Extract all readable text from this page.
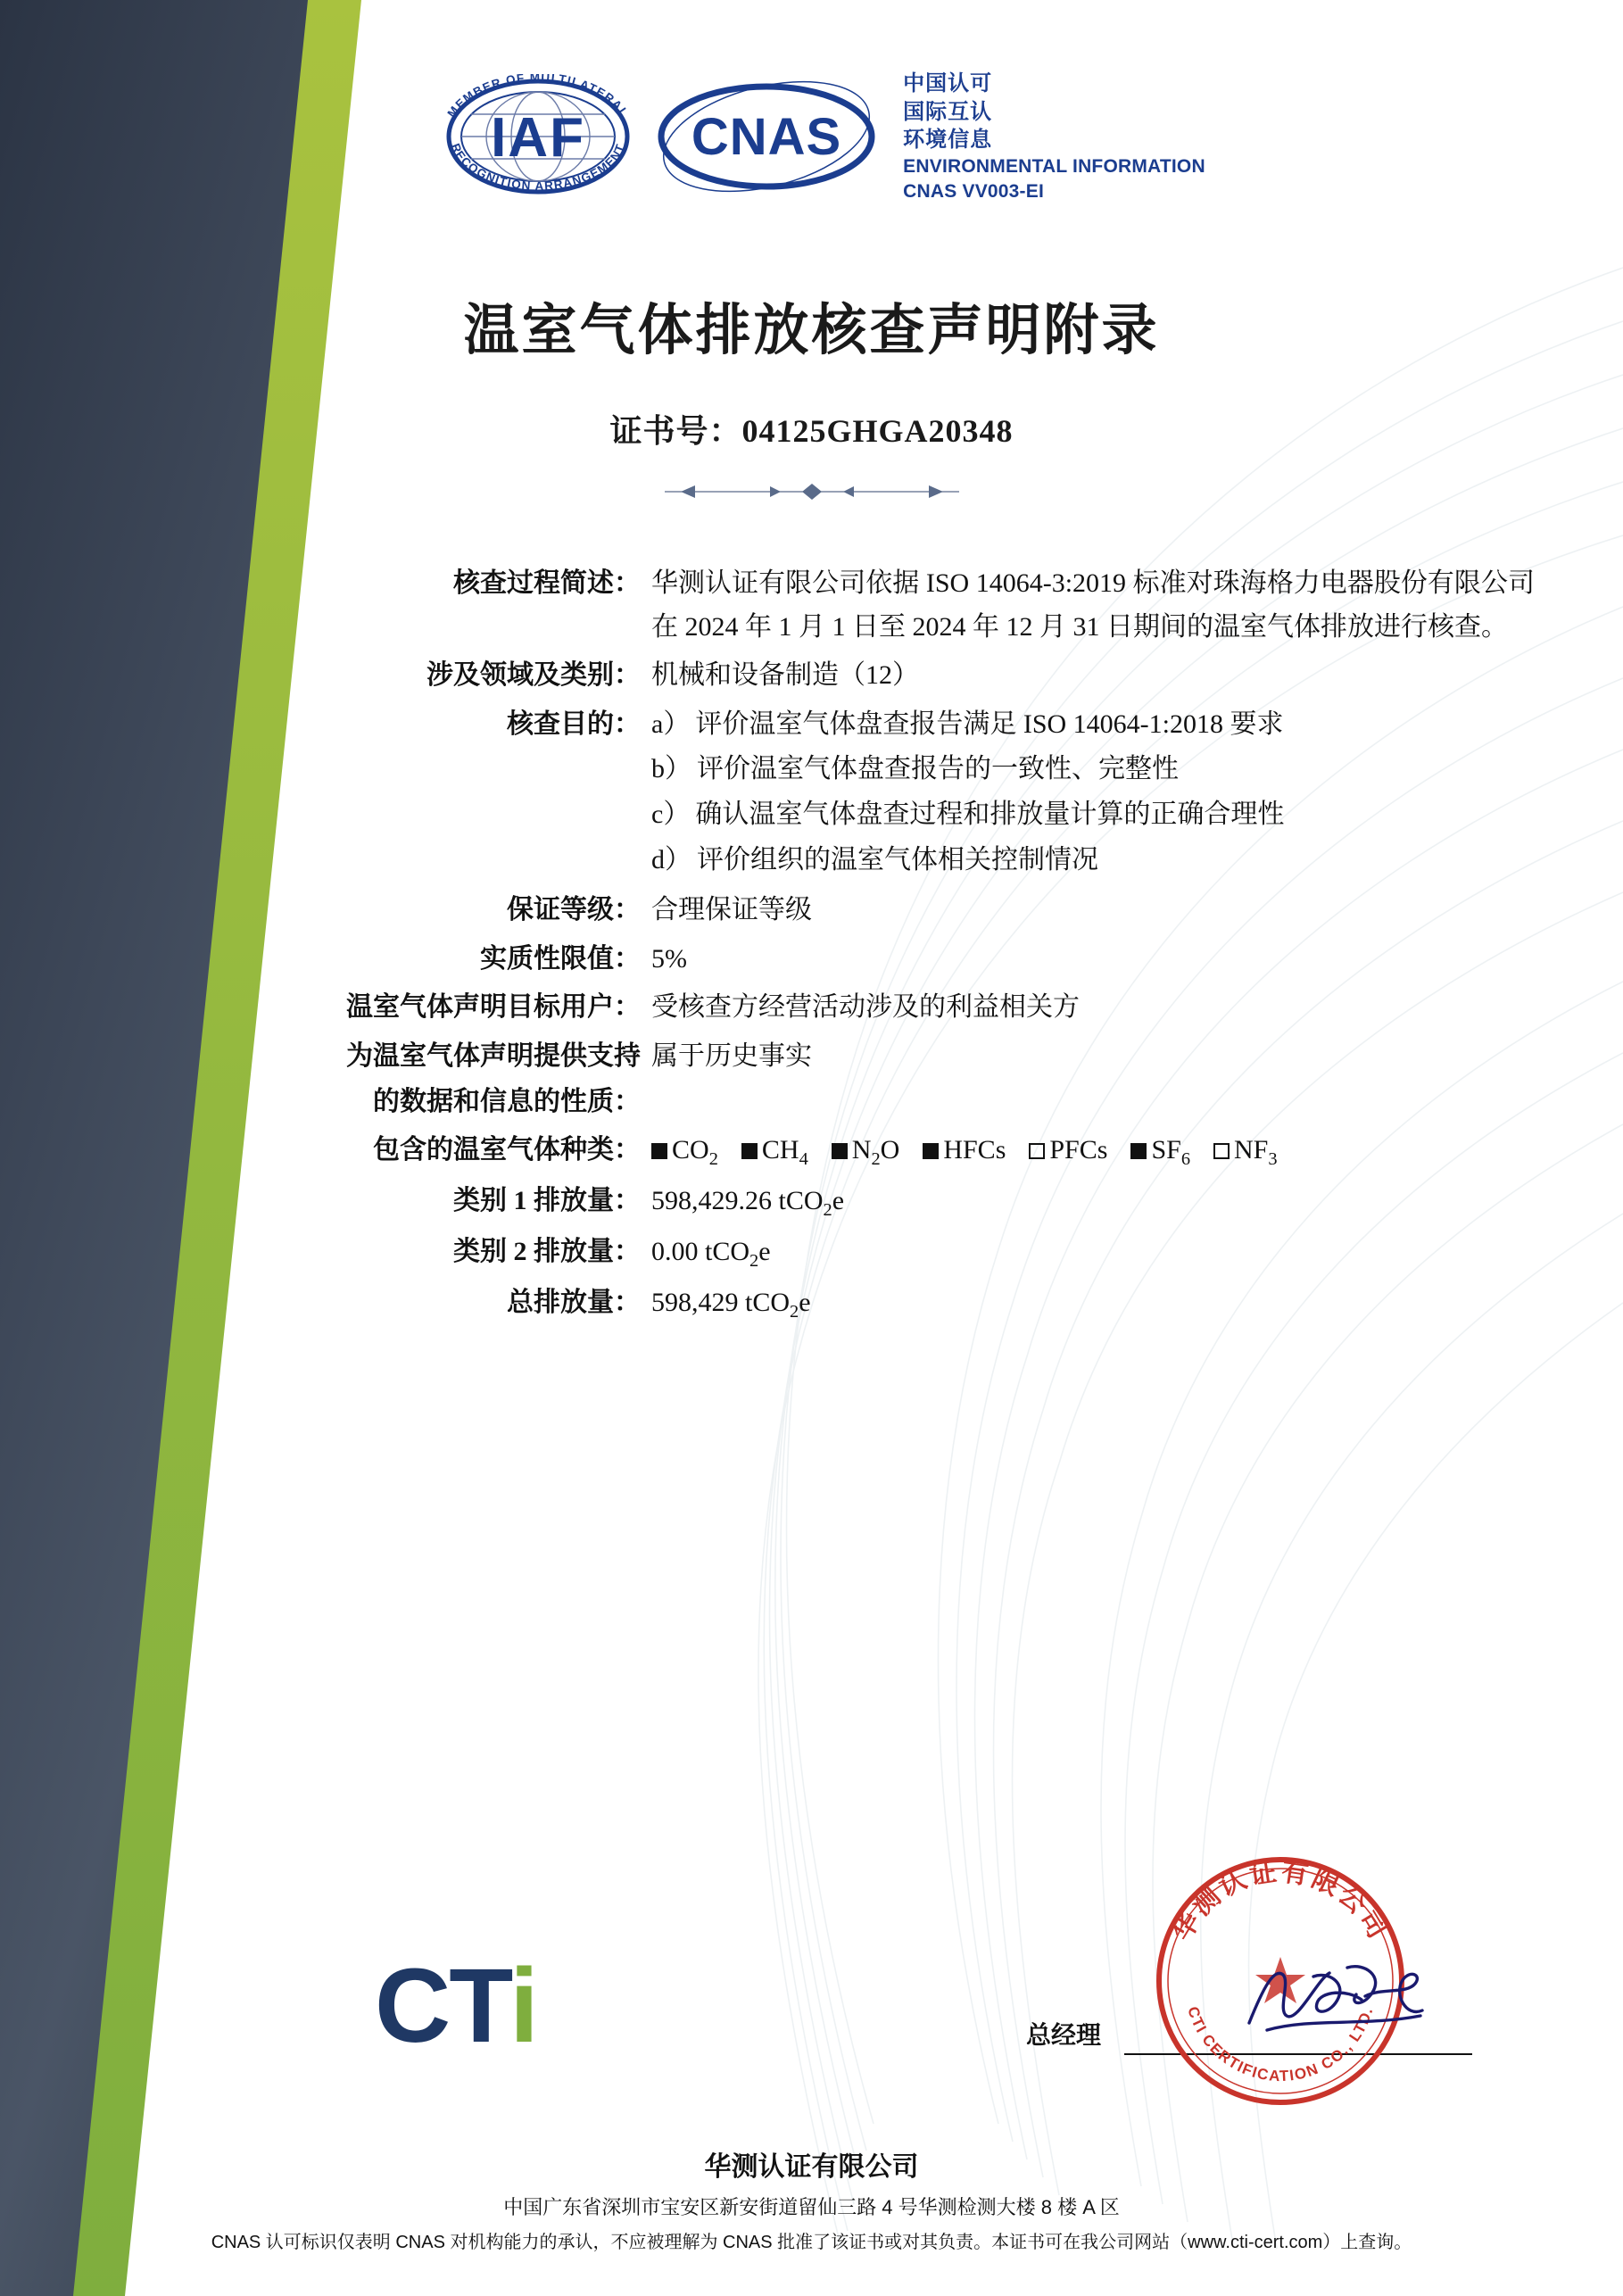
IAF
MEMBER OF MULTILATERAL
RECOGNITION ARRANGEMENT CNAS
中国认可
国际互认
环境信息
ENVIRONMENTAL INFORMATION
CNAS VV003-EI
温室气体排放核查声明附录
证书号：04125GHGA20348
核查过程简述： 华测认证有限公司依据 ISO 14064-3:2019 标准对珠海格力电器股份有限公司在 2024 年 1 月 1 日至 2024 年 12 月 31 日期间的温室气体排放进行核查。
涉及领域及类别： 机械和设备制造（12）
核查目的： a） 评价温室气体盘查报告满足 ISO 14064-1:2018 要求

b） 评价温室气体盘查报告的一致性、完整性

c） 确认温室气体盘查过程和排放量计算的正确合理性

d） 评价组织的温室气体相关控制情况

保证等级： 合理保证等级
实质性限值： 5%
温室气体声明目标用户： 受核查方经营活动涉及的利益相关方
为温室气体声明提供支持 属于历史事实
的数据和信息的性质：
包含的温室气体种类：	$CO_2$	$CH_4$	$N_2O$	HFCs	PFCs	$SF_6$	$NF_3$
类别 1 排放量： 598,429.26 tCO$_2$e
类别 2 排放量： 0.00 tCO$_2$e
总排放量： 598,429 tCO$_2$e
CTi	总经理
华测认证有限公司
CTI CERTIFICATION CO., LTD.
华测认证有限公司
中国广东省深圳市宝安区新安街道留仙三路 4 号华测检测大楼 8 楼 A 区
CNAS 认可标识仅表明 CNAS 对机构能力的承认，不应被理解为 CNAS 批准了该证书或对其负责。本证书可在我公司网站（www.cti-cert.com）上查询。
